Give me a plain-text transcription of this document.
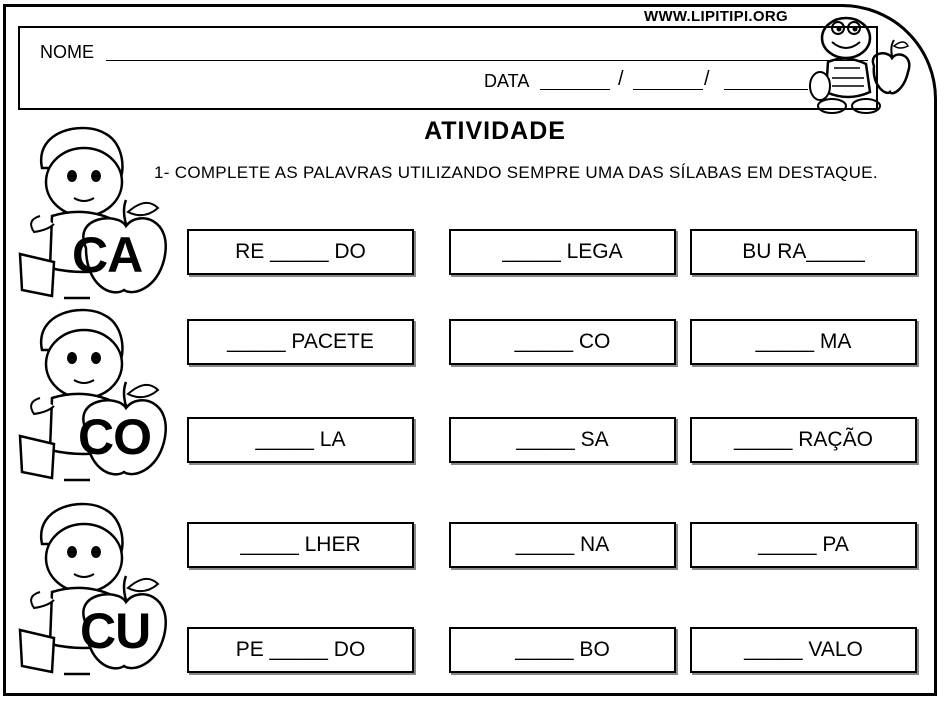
WWW.LIPITIPI.ORG
NOME
DATA	/	/
ATIVIDADE
1- COMPLETE AS PALAVRAS UTILIZANDO SEMPRE UMA DAS SÍLABAS EM DESTAQUE.
CA
CO
CU
RE _____ DO	_____ LEGA	BU RA_____
_____ PACETE	_____ CO	_____ MA
_____ LA	_____ SA	_____ RAÇÃO
_____ LHER	_____ NA	_____ PA
PE _____ DO	_____ BO	_____ VALO
